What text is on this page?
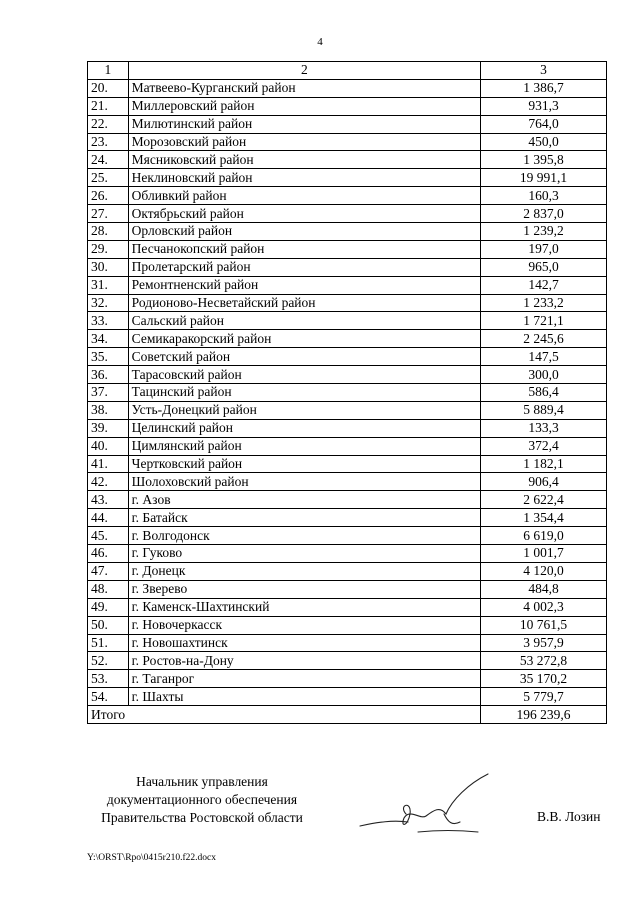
4
1	2	3
20.	Матвеево-Курганский район	1 386,7
21.	Миллеровский район	931,3
22.	Милютинский район	764,0
23.	Морозовский район	450,0
24.	Мясниковский район	1 395,8
25.	Неклиновский район	19 991,1
26.	Обливкий район	160,3
27.	Октябрьский район	2 837,0
28.	Орловский район	1 239,2
29.	Песчанокопский район	197,0
30.	Пролетарский район	965,0
31.	Ремонтненский район	142,7
32.	Родионово-Несветайский район	1 233,2
33.	Сальский район	1 721,1
34.	Семикаракорский район	2 245,6
35.	Советский район	147,5
36.	Тарасовский район	300,0
37.	Тацинский район	586,4
38.	Усть-Донецкий район	5 889,4
39.	Целинский район	133,3
40.	Цимлянский район	372,4
41.	Чертковский район	1 182,1
42.	Шолоховский район	906,4
43.	г. Азов	2 622,4
44.	г. Батайск	1 354,4
45.	г. Волгодонск	6 619,0
46.	г. Гуково	1 001,7
47.	г. Донецк	4 120,0
48.	г. Зверево	484,8
49.	г. Каменск-Шахтинский	4 002,3
50.	г. Новочеркасск	10 761,5
51.	г. Новошахтинск	3 957,9
52.	г. Ростов-на-Дону	53 272,8
53.	г. Таганрог	35 170,2
54.	г. Шахты	5 779,7
Итого		196 239,6
Начальник управления
документационного обеспечения
Правительства Ростовской области	В.В. Лозин
Y:\ORST\Rpo\0415r210.f22.docx
